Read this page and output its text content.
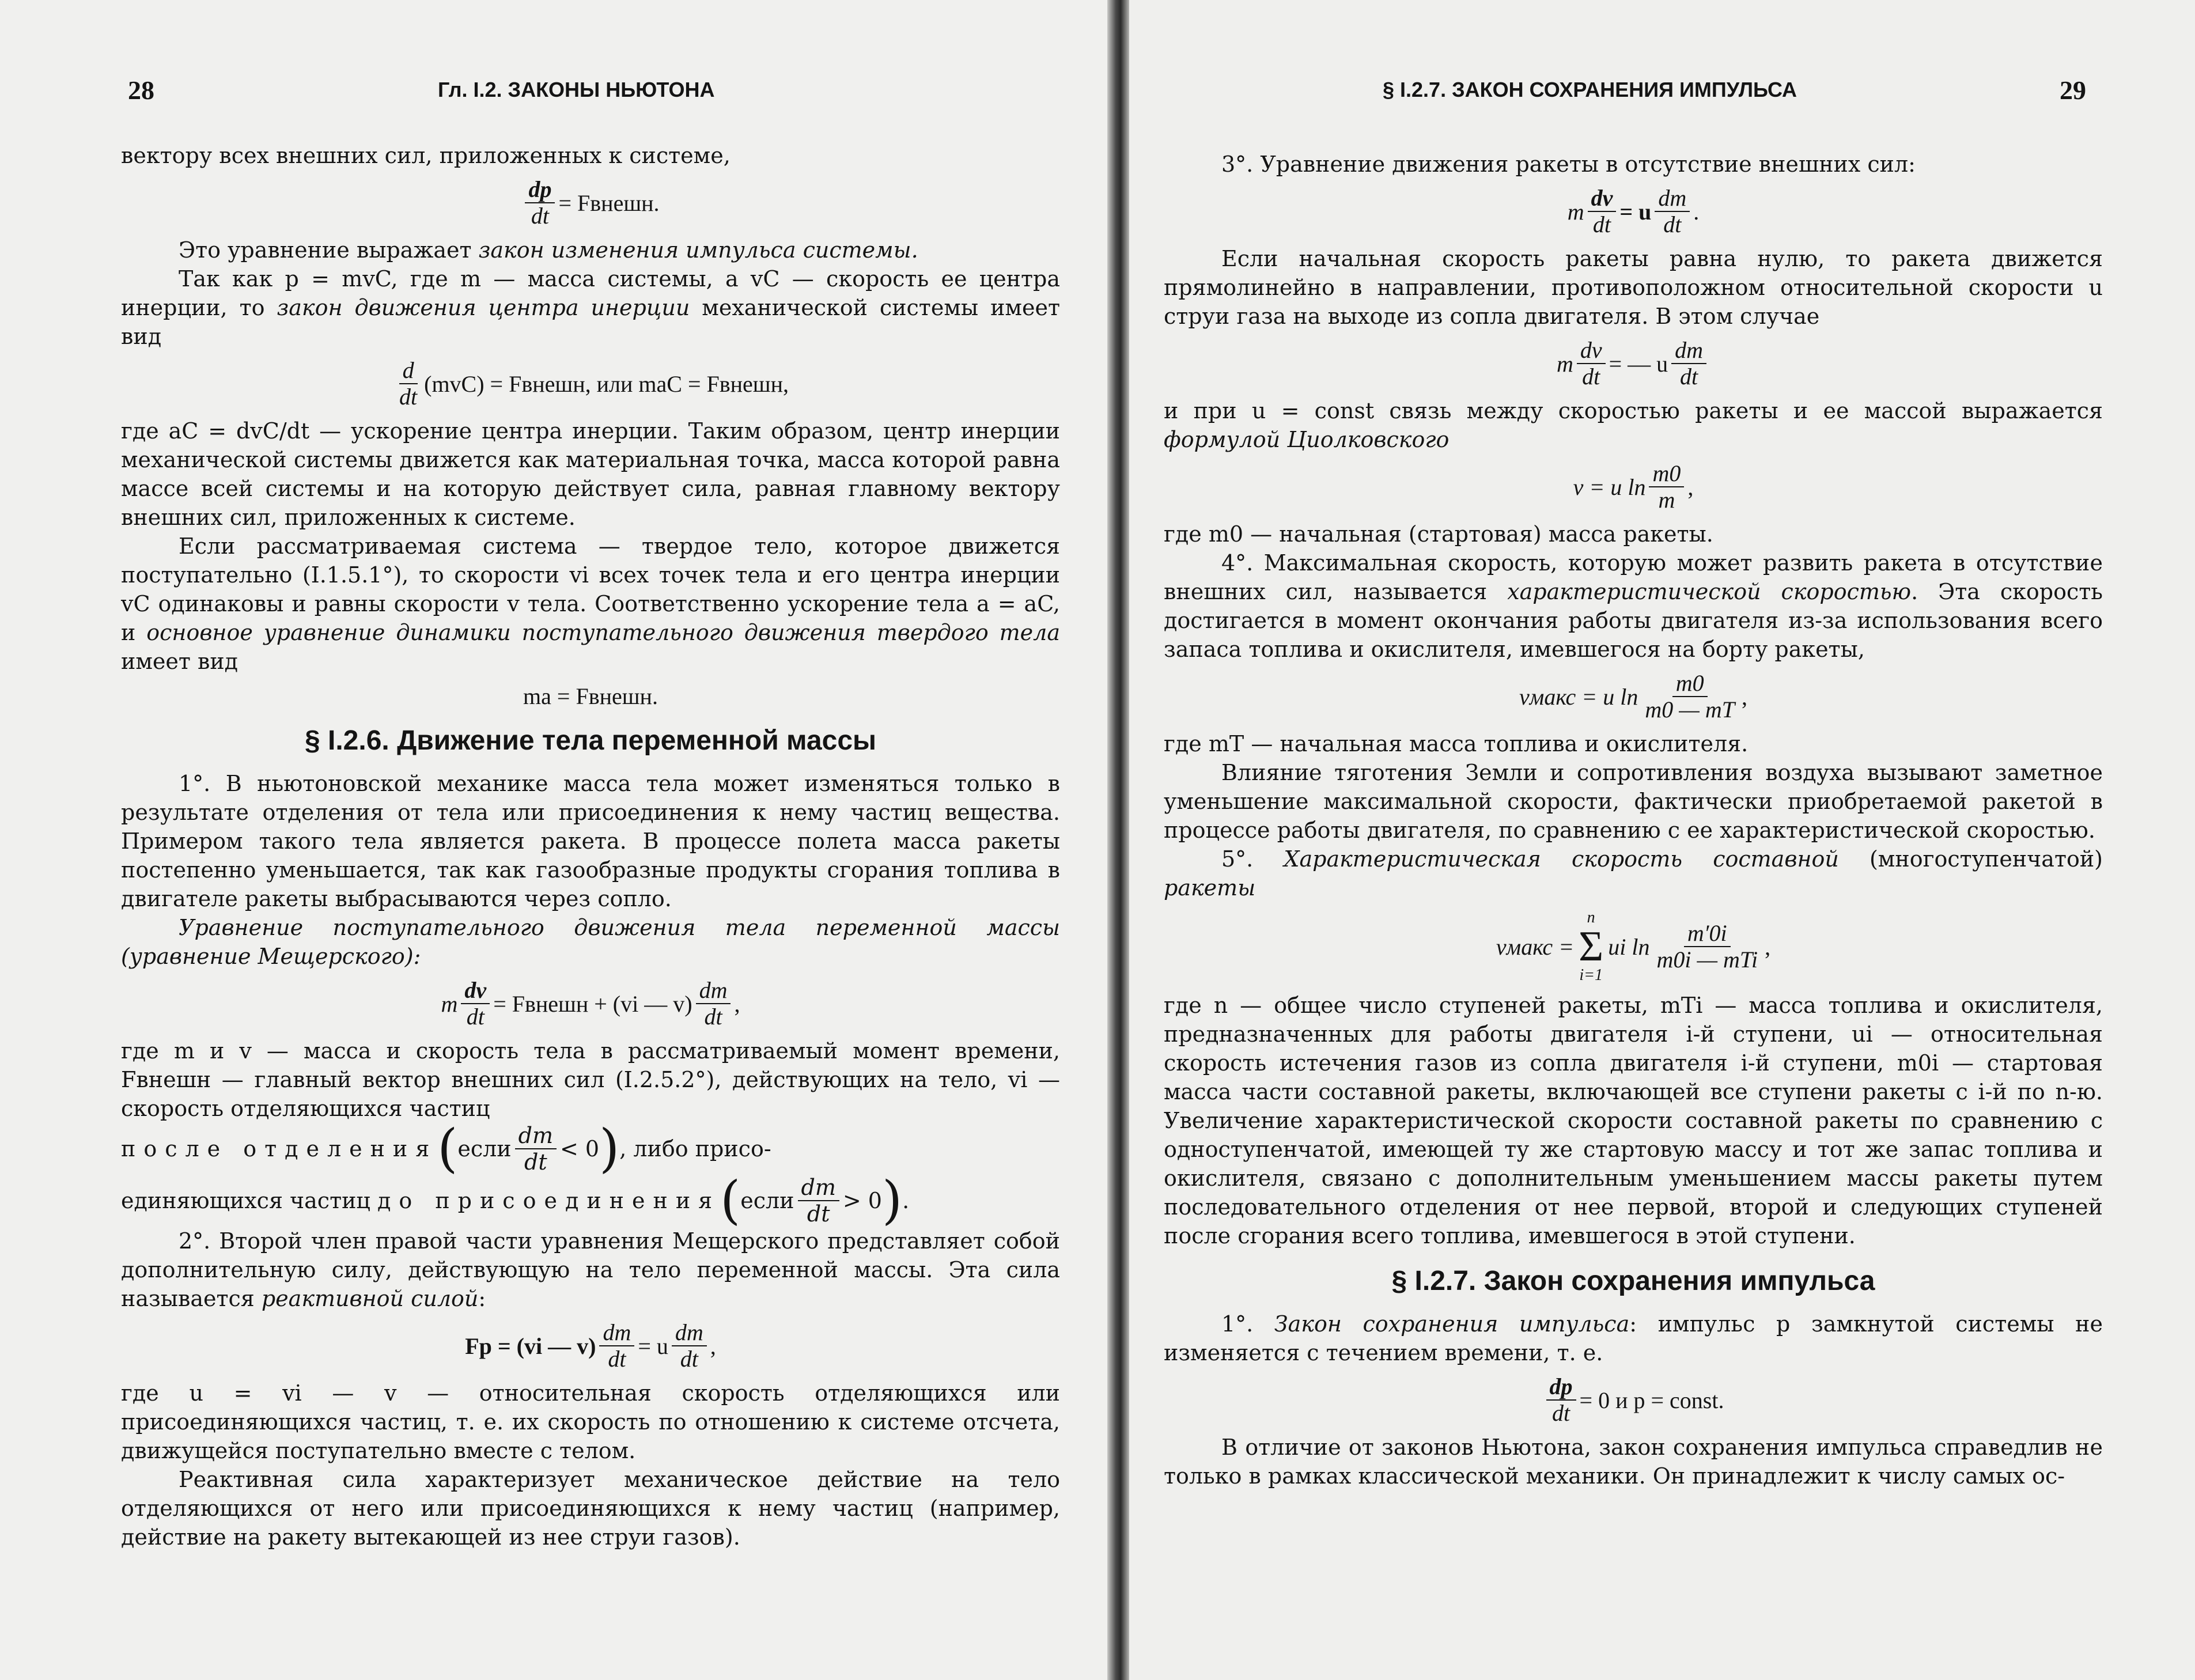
28	Гл. I.2. ЗАКОНЫ НЬЮТОНА

вектору всех внешних сил, приложенных к системе,

$\frac{dp}{dt}$ = Fвнешн.

Это уравнение выражает закон изменения импульса системы.

Так как p = mvC, где m — масса системы, а vC — скорость ее центра инерции, то закон движения центра инерции механической системы имеет вид

$\frac{d}{dt} (mvC)$ = Fвнешн, или maC = Fвнешн,

где aC = dvC/dt — ускорение центра инерции. Таким образом, центр инерции механической системы движется как материальная точка, масса которой равна массе всей системы и на которую действует сила, равная главному вектору внешних сил, приложенных к системе.

Если рассматриваемая система — твердое тело, которое движется поступательно (I.1.5.1°), то скорости vi всех точек тела и его центра инерции vC одинаковы и равны скорости v тела. Соответственно ускорение тела a = aC, и основное уравнение динамики поступательного движения твердого тела имеет вид

ma = Fвнешн.
§ I.2.6. Движение тела переменной массы

1°. В ньютоновской механике масса тела может изменяться только в результате отделения от тела или присоединения к нему частиц вещества. Примером такого тела является ракета. В процессе полета масса ракеты постепенно уменьшается, так как газообразные продукты сгорания топлива в двигателе ракеты выбрасываются через сопло.

Уравнение поступательного движения тела переменной массы (уравнение Мещерского):

m $\frac{dv}{dt}$ = Fвнешн + (vi — $v) \frac{dm}{dt}$ ,

где m и v — масса и скорость тела в рассматриваемый момент времени, Fвнешн — главный вектор внешних сил (I.2.5.2°), действующих на тело, vi — скорость отделяющихся частиц

после отделения ( если $\frac{dm}{dt} < 0$ ) , либо присо-

единяющихся частиц
до присоединения ( если $\frac{dm}{dt} > 0$ ) .

2°. Второй член правой части уравнения Мещерского представляет собой дополнительную силу, действующую на тело переменной массы. Эта сила называется реактивной силой:

Fp = (vi — $v) \frac{dm}{dt} = u \frac{dm}{dt}$ ,

где u = vi — v — относительная скорость отделяющихся или присоединяющихся частиц, т. е. их скорость по отношению к системе отсчета, движущейся поступательно вместе с телом.

Реактивная сила характеризует механическое действие на тело отделяющихся от него или присоединяющихся к нему частиц (например, действие на ракету вытекающей из нее струи газов).

§ I.2.7. ЗАКОН СОХРАНЕНИЯ ИМПУЛЬСА	29

3°. Уравнение движения ракеты в отсутствие внешних сил:

m $\frac{dv}{dt} = u \frac{dm}{dt}$ .

Если начальная скорость ракеты равна нулю, то ракета движется прямолинейно в направлении, противоположном относительной скорости u струи газа на выходе из сопла двигателя. В этом случае

m $\frac{dv}{dt}$ = — u $\frac{dm}{dt}$

и при u = const связь между скоростью ракеты и ее массой выражается формулой Циолковского

v = u $\ln \frac{m0}{m}$ ,

где m0 — начальная (стартовая) масса ракеты.

4°. Максимальная скорость, которую может развить ракета в отсутствие внешних сил, называется характеристической скоростью. Эта скорость достигается в момент окончания работы двигателя из-за использования всего запаса топлива и окислителя, имевшегося на борту ракеты,

vмакс = u $\ln \frac{m0}{m0 — mT}$ ,

где mT — начальная масса топлива и окислителя.

Влияние тяготения Земли и сопротивления воздуха вызывают заметное уменьшение максимальной скорости, фактически приобретаемой ракетой в процессе работы двигателя, по сравнению с ее характеристической скоростью.

5°. Характеристическая скорость составной (многоступенчатой) ракеты

vмакс =
n
Σ
i=1
ui $\ln \frac{m'0i}{\text{m0i — mTi}}$ ,

где n — общее число ступеней ракеты, mTi — масса топлива и окислителя, предназначенных для работы двигателя i-й ступени, ui — относительная скорость истечения газов из сопла двигателя i-й ступени, m0i — стартовая масса части составной ракеты, включающей все ступени ракеты с i-й по n-ю. Увеличение характеристической скорости составной ракеты по сравнению с одноступенчатой, имеющей ту же стартовую массу и тот же запас топлива и окислителя, связано с дополнительным уменьшением массы ракеты путем последовательного отделения от нее первой, второй и следующих ступеней после сгорания всего топлива, имевшегося в этой ступени.

§ I.2.7. Закон сохранения импульса

1°. Закон сохранения импульса: импульс p замкнутой системы не изменяется с течением времени, т. е.

$\frac{dp}{dt} = 0$ и p = const.

В отличие от законов Ньютона, закон сохранения импульса справедлив не только в рамках классической механики. Он принадлежит к числу самых ос-
